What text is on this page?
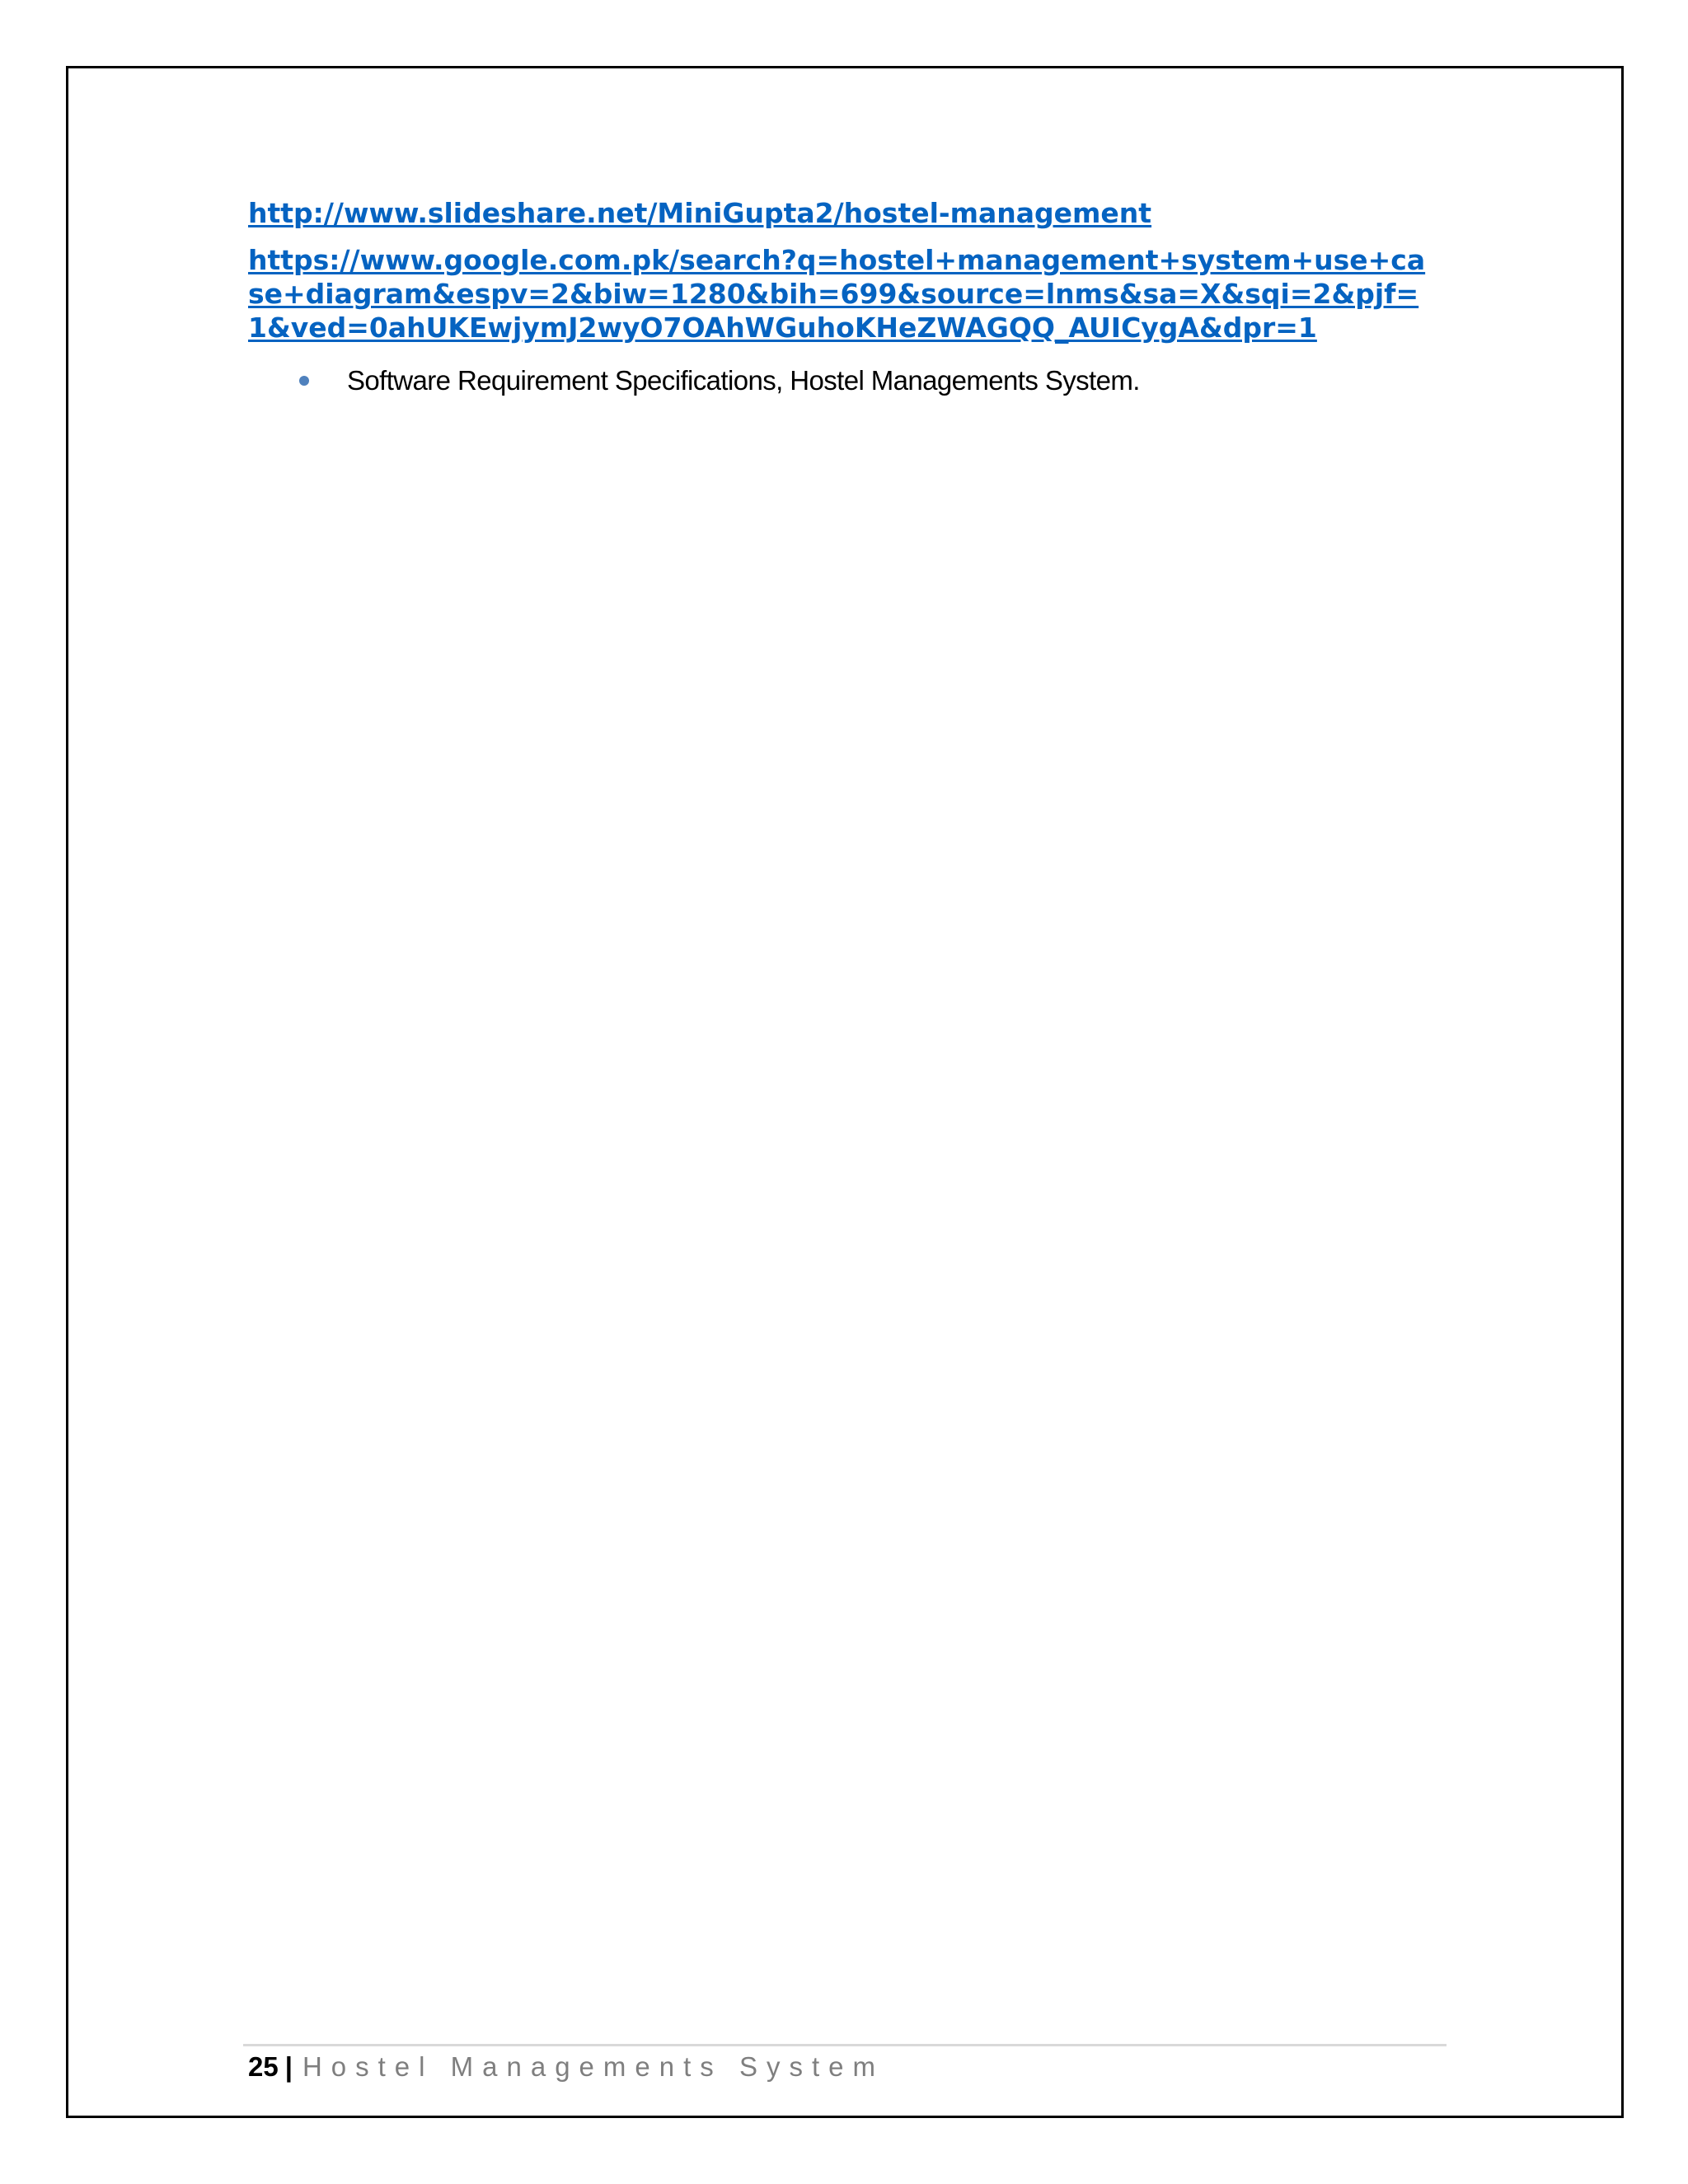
http://www.slideshare.net/MiniGupta2/hostel-management
https://www.google.com.pk/search?q=hostel+management+system+use+case+diagram&espv=2&biw=1280&bih=699&source=lnms&sa=X&sqi=2&pjf=1&ved=0ahUKEwjymJ2wyO7OAhWGuhoKHeZWAGQQ_AUICygA&dpr=1
Software Requirement Specifications, Hostel Managements System.
25 | Hostel Managements System
